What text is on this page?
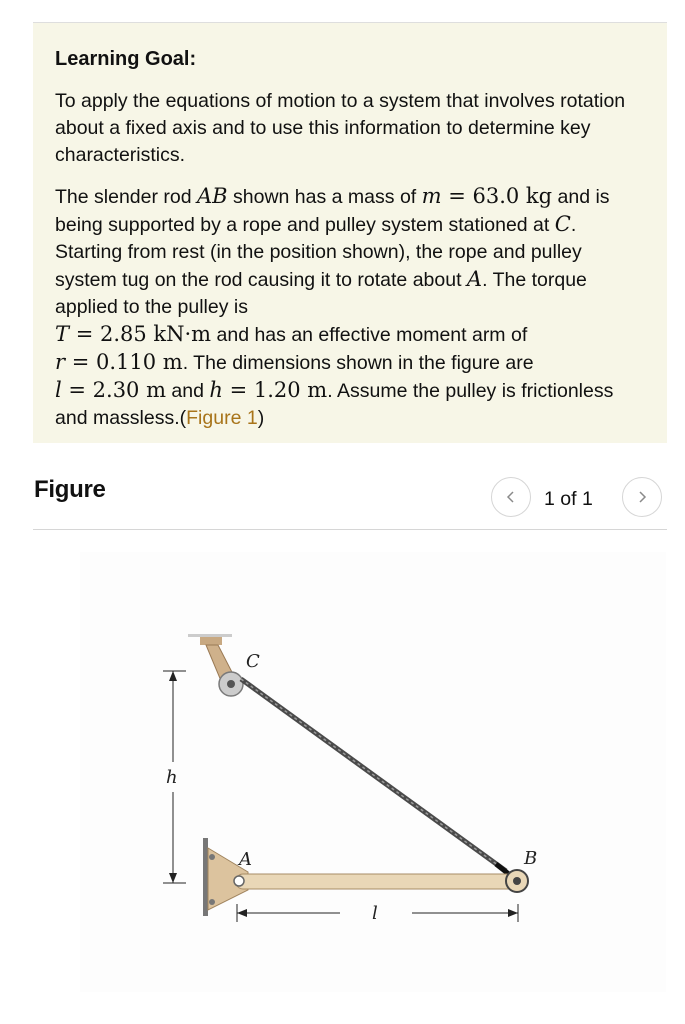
Learning Goal:

To apply the equations of motion to a system that involves rotation about a fixed axis and to use this information to determine key characteristics.

The slender rod AB shown has a mass of m = 63.0 kg and is being supported by a rope and pulley system stationed at C. Starting from rest (in the position shown), the rope and pulley system tug on the rod causing it to rotate about A. The torque applied to the pulley is
T = 2.85 kN·m and has an effective moment arm of
r = 0.110 m. The dimensions shown in the figure are
l = 2.30 m and h = 1.20 m. Assume the pulley is frictionless and massless.(Figure 1)

Figure	1 of 1
C
h
A	B
l
